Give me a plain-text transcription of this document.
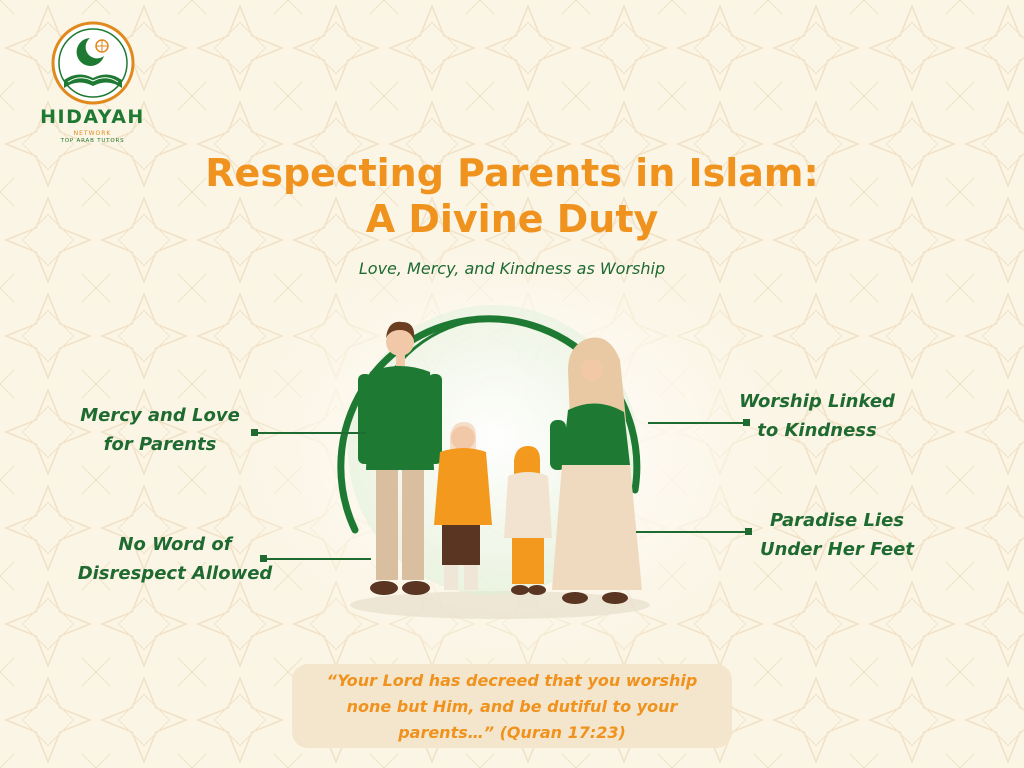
HIDAYAH
NETWORK
TOP ARAB TUTORS
Respecting Parents in Islam:
A Divine Duty
Love, Mercy, and Kindness as Worship
Mercy and Love
for Parents
No Word of
Disrespect Allowed
Worship Linked
to Kindness
Paradise Lies
Under Her Feet
“Your Lord has decreed that you worship
none but Him, and be dutiful to your
parents…” (Quran 17:23)
